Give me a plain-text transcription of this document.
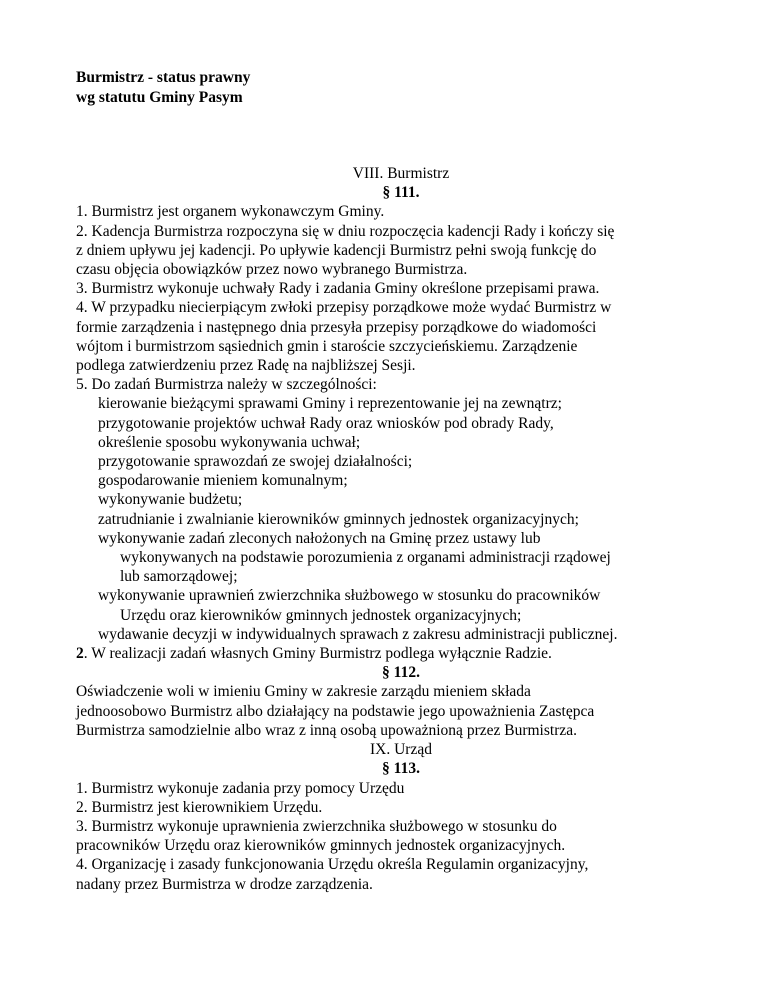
Burmistrz - status prawny
wg statutu Gminy Pasym
VIII. Burmistrz
§ 111.
1. Burmistrz jest organem wykonawczym Gminy.
2. Kadencja Burmistrza rozpoczyna się w dniu rozpoczęcia kadencji Rady i kończy się
z dniem upływu jej kadencji. Po upływie kadencji Burmistrz pełni swoją funkcję do
czasu objęcia obowiązków przez nowo wybranego Burmistrza.
3. Burmistrz wykonuje uchwały Rady i zadania Gminy określone przepisami prawa.
4. W przypadku niecierpiącym zwłoki przepisy porządkowe może wydać Burmistrz w
formie zarządzenia i następnego dnia przesyła przepisy porządkowe do wiadomości
wójtom i burmistrzom sąsiednich gmin i staroście szczycieńskiemu. Zarządzenie
podlega zatwierdzeniu przez Radę na najbliższej Sesji.
5. Do zadań Burmistrza należy w szczególności:
kierowanie bieżącymi sprawami Gminy i reprezentowanie jej na zewnątrz;
przygotowanie projektów uchwał Rady oraz wniosków pod obrady Rady,
określenie sposobu wykonywania uchwał;
przygotowanie sprawozdań ze swojej działalności;
gospodarowanie mieniem komunalnym;
wykonywanie budżetu;
zatrudnianie i zwalnianie kierowników gminnych jednostek organizacyjnych;
wykonywanie zadań zleconych nałożonych na Gminę przez ustawy lub
wykonywanych na podstawie porozumienia z organami administracji rządowej
lub samorządowej;
wykonywanie uprawnień zwierzchnika służbowego w stosunku do pracowników
Urzędu oraz kierowników gminnych jednostek organizacyjnych;
wydawanie decyzji w indywidualnych sprawach z zakresu administracji publicznej.
2. W realizacji zadań własnych Gminy Burmistrz podlega wyłącznie Radzie.
§ 112.
Oświadczenie woli w imieniu Gminy w zakresie zarządu mieniem składa
jednoosobowo Burmistrz albo działający na podstawie jego upoważnienia Zastępca
Burmistrza samodzielnie albo wraz z inną osobą upoważnioną przez Burmistrza.
IX. Urząd
§ 113.
1. Burmistrz wykonuje zadania przy pomocy Urzędu
2. Burmistrz jest kierownikiem Urzędu.
3. Burmistrz wykonuje uprawnienia zwierzchnika służbowego w stosunku do
pracowników Urzędu oraz kierowników gminnych jednostek organizacyjnych.
4. Organizację i zasady funkcjonowania Urzędu określa Regulamin organizacyjny,
nadany przez Burmistrza w drodze zarządzenia.
